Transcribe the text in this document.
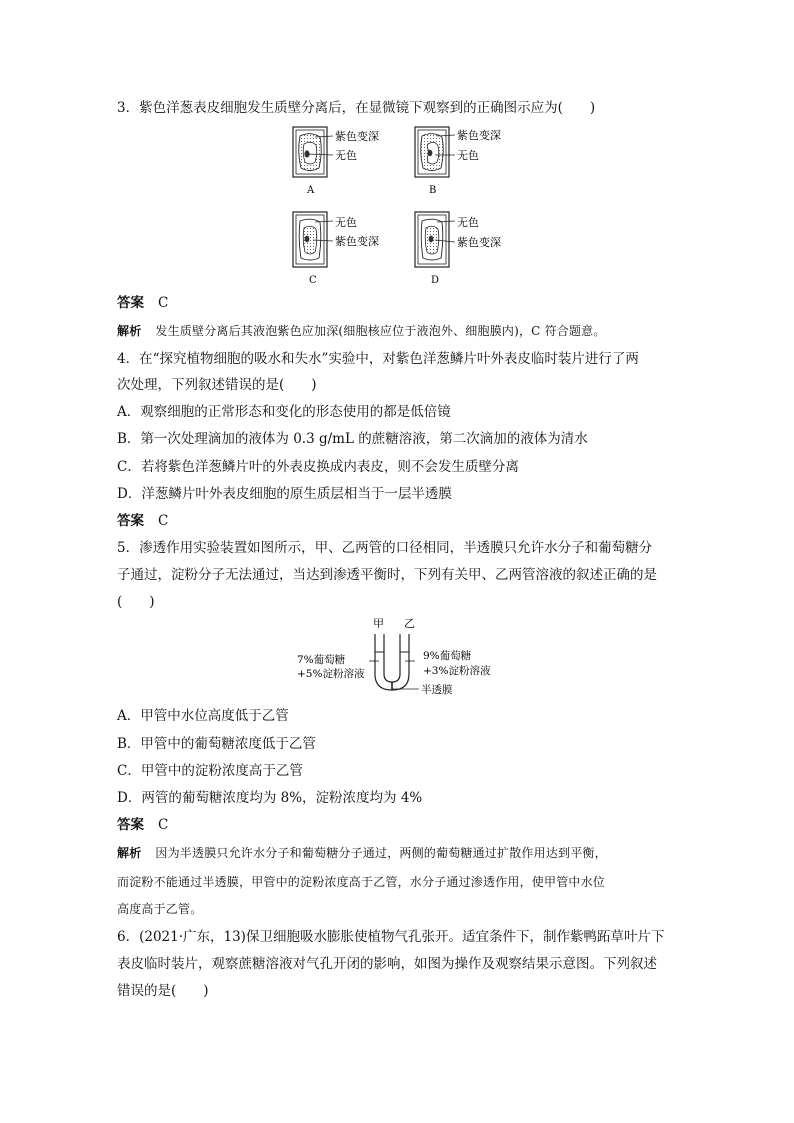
3．紫色洋葱表皮细胞发生质壁分离后，在显微镜下观察到的正确图示应为(　　)
紫色变深
无色
A
紫色变深
无色
B
无色
紫色变深
C
无色
紫色变深
D
答案 C
解析 发生质壁分离后其液泡紫色应加深(细胞核应位于液泡外、细胞膜内)，C 符合题意。
4．在“探究植物细胞的吸水和失水”实验中，对紫色洋葱鳞片叶外表皮临时装片进行了两
次处理，下列叙述错误的是(　　)
A．观察细胞的正常形态和变化的形态使用的都是低倍镜
B．第一次处理滴加的液体为 0.3 g/mL 的蔗糖溶液，第二次滴加的液体为清水
C．若将紫色洋葱鳞片叶的外表皮换成内表皮，则不会发生质壁分离
D．洋葱鳞片叶外表皮细胞的原生质层相当于一层半透膜
答案 C
5．渗透作用实验装置如图所示，甲、乙两管的口径相同，半透膜只允许水分子和葡萄糖分
子通过，淀粉分子无法通过，当达到渗透平衡时，下列有关甲、乙两管溶液的叙述正确的是
(　　)
甲 乙
7%葡萄糖
+5%淀粉溶液
9%葡萄糖
+3%淀粉溶液
半透膜
A．甲管中水位高度低于乙管
B．甲管中的葡萄糖浓度低于乙管
C．甲管中的淀粉浓度高于乙管
D．两管的葡萄糖浓度均为 8%，淀粉浓度均为 4%
答案 C
解析 因为半透膜只允许水分子和葡萄糖分子通过，两侧的葡萄糖通过扩散作用达到平衡，
而淀粉不能通过半透膜，甲管中的淀粉浓度高于乙管，水分子通过渗透作用，使甲管中水位
高度高于乙管。
6．(2021·广东，13)保卫细胞吸水膨胀使植物气孔张开。适宜条件下，制作紫鸭跖草叶片下
表皮临时装片，观察蔗糖溶液对气孔开闭的影响，如图为操作及观察结果示意图。下列叙述
错误的是(　　)
